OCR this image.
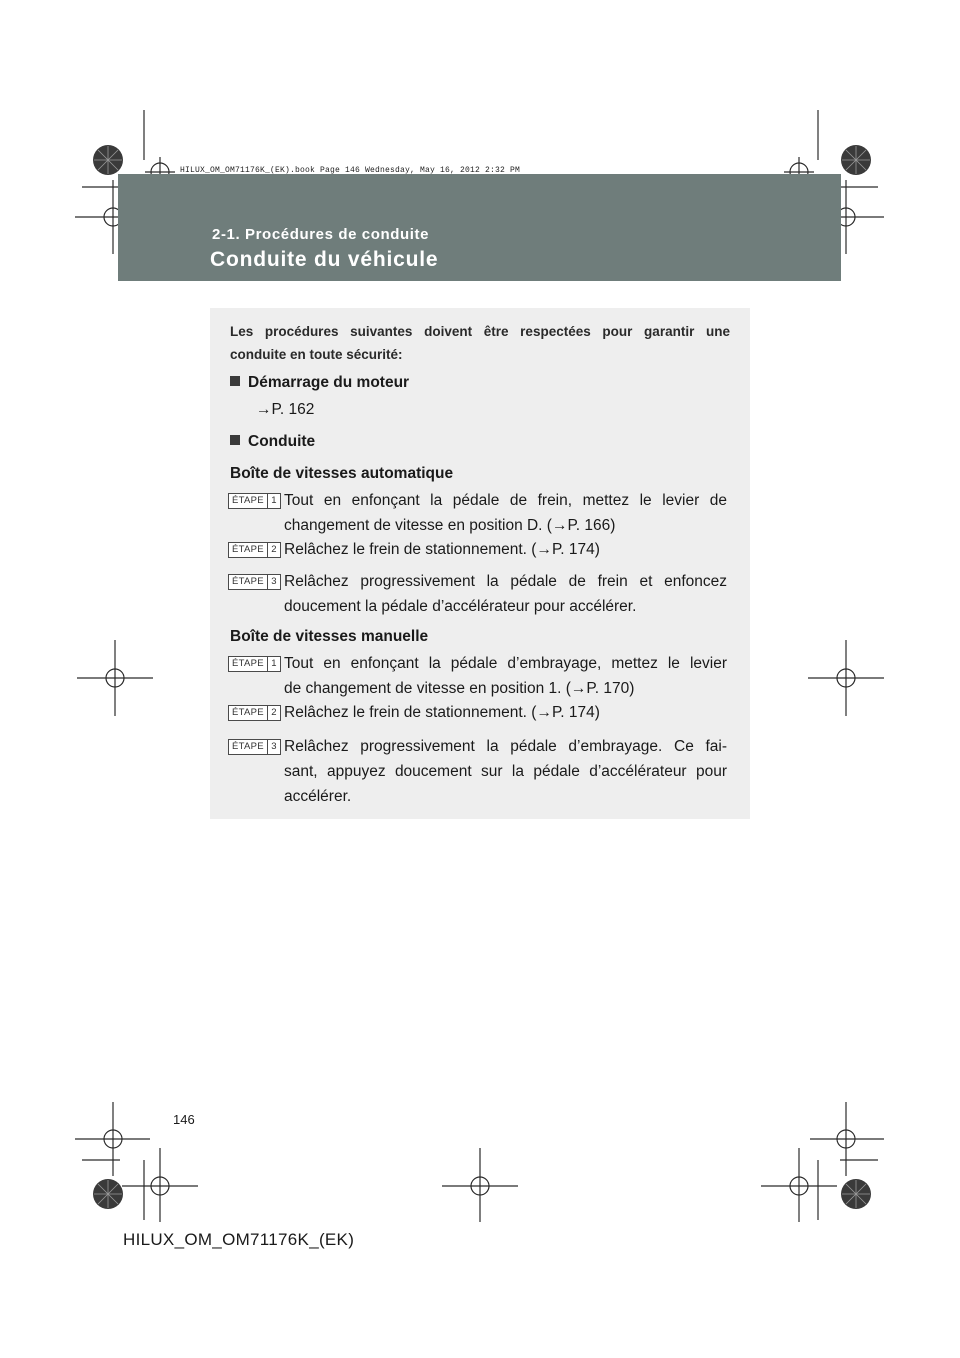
HILUX_OM_OM71176K_(EK).book Page 146 Wednesday, May 16, 2012 2:32 PM
2-1. Procédures de conduite
Conduite du véhicule
Les procédures suivantes doivent être respectées pour garantir une
conduite en toute sécurité:
Démarrage du moteur
→P. 162
Conduite
Boîte de vitesses automatique
ÉTAPE 1 Tout en enfonçant la pédale de frein, mettez le levier de
changement de vitesse en position D. (→P. 166)
ÉTAPE 2 Relâchez le frein de stationnement. (→P. 174)
ÉTAPE 3 Relâchez progressivement la pédale de frein et enfoncez
doucement la pédale d’accélérateur pour accélérer.
Boîte de vitesses manuelle
ÉTAPE 1 Tout en enfonçant la pédale d’embrayage, mettez le levier
de changement de vitesse en position 1. (→P. 170)
ÉTAPE 2 Relâchez le frein de stationnement. (→P. 174)
ÉTAPE 3 Relâchez progressivement la pédale d’embrayage. Ce fai-
sant, appuyez doucement sur la pédale d’accélérateur pour
accélérer.
146
HILUX_OM_OM71176K_(EK)
